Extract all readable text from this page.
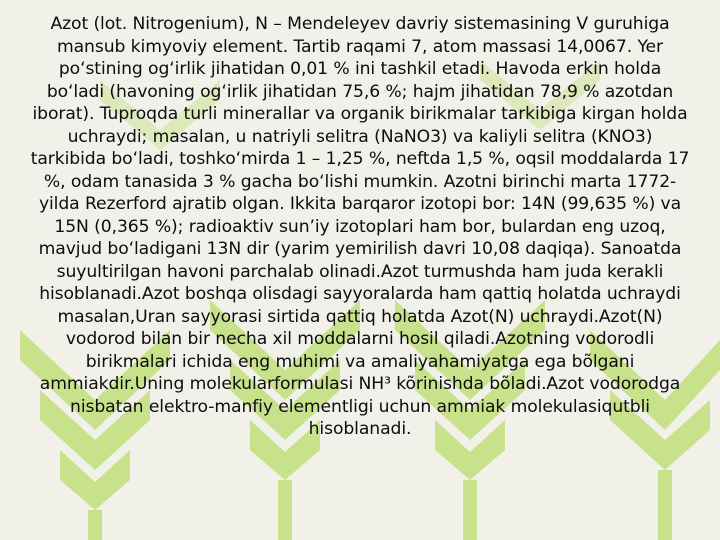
Azot (lot. Nitrogenium), N – Mendeleyev davriy sistemasining V guruhiga mansub kimyoviy element. Tartib raqami 7, atom massasi 14,0067. Yer poʻstining ogʻirlik jihatidan 0,01 % ini tashkil etadi. Havoda erkin holda boʻladi (havoning ogʻirlik jihatidan 75,6 %; hajm jihatidan 78,9 % azotdan iborat). Tuproqda turli minerallar va organik birikmalar tarkibiga kirgan holda uchraydi; masalan, u natriyli selitra (NaNO3) va kaliyli selitra (KNO3) tarkibida boʻladi, toshkoʻmirda 1 – 1,25 %, neftda 1,5 %, oqsil moddalarda 17 %, odam tanasida 3 % gacha boʻlishi mumkin. Azotni birinchi marta 1772-yilda Rezerford ajratib olgan. Ikkita barqaror izotopi bor: 14N (99,635 %) va 15N (0,365 %); radioaktiv sun’iy izotoplari ham bor, bulardan eng uzoq, mavjud boʻladigani 13N dir (yarim yemirilish davri 10,08 daqiqa). Sanoatda suyultirilgan havoni parchalab olinadi.Azot turmushda ham juda kerakli hisoblanadi.Azot boshqa olisdagi sayyoralarda ham qattiq holatda uchraydi masalan,Uran sayyorasi sirtida qattiq holatda Azot(N) uchraydi.Azot(N) vodorod bilan bir necha xil moddalarni hosil qiladi.Azotning vodorodli birikmalari ichida eng muhimi va amaliyahamiyatga ega bõlgani ammiakdir.Uning molekularformulasi NH³ kõrinishda bõladi.Azot vodorodga nisbatan elektro-manfiy elementligi uchun ammiak molekulasiqutbli hisoblanadi.
